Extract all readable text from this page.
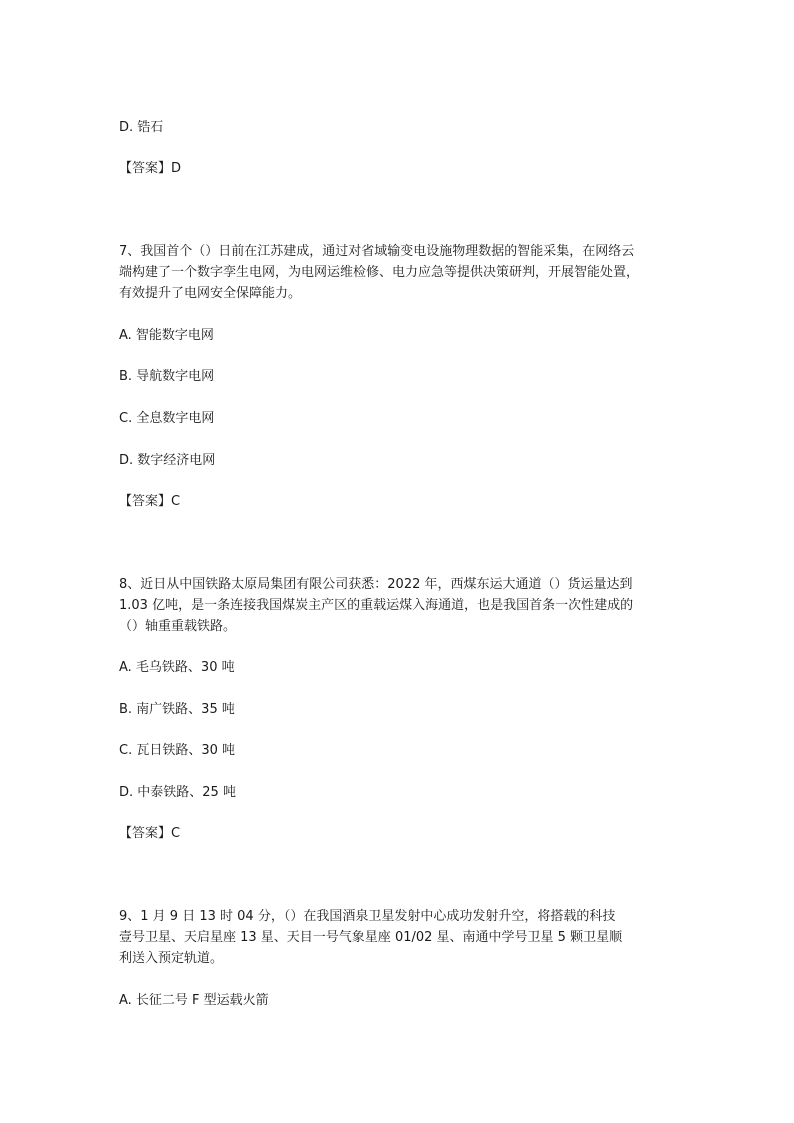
D. 锆石
【答案】D
7、我国首个（）日前在江苏建成，通过对省域输变电设施物理数据的智能采集，在网络云
端构建了一个数字孪生电网，为电网运维检修、电力应急等提供决策研判，开展智能处置，
有效提升了电网安全保障能力。
A. 智能数字电网
B. 导航数字电网
C. 全息数字电网
D. 数字经济电网
【答案】C
8、近日从中国铁路太原局集团有限公司获悉：2022 年，西煤东运大通道（）货运量达到
1.03 亿吨，是一条连接我国煤炭主产区的重载运煤入海通道，也是我国首条一次性建成的
（）轴重重载铁路。
A. 毛乌铁路、30 吨
B. 南广铁路、35 吨
C. 瓦日铁路、30 吨
D. 中泰铁路、25 吨
【答案】C
9、1 月 9 日 13 时 04 分，（）在我国酒泉卫星发射中心成功发射升空，将搭载的科技
壹号卫星、天启星座 13 星、天目一号气象星座 01/02 星、南通中学号卫星 5 颗卫星顺
利送入预定轨道。
A. 长征二号 F 型运载火箭
